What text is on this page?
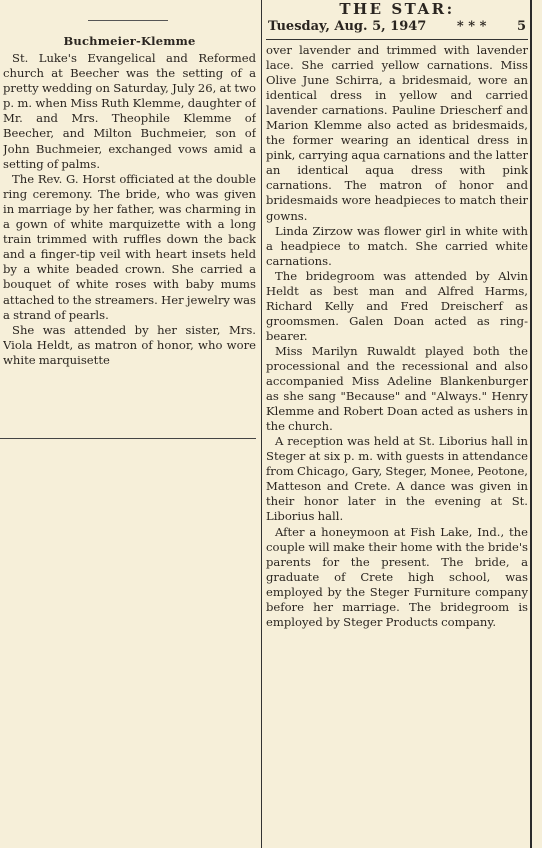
Buchmeier-Klemme

St. Luke's Evangelical and Reformed church at Beecher was the setting of a pretty wedding on Saturday, July 26, at two p. m. when Miss Ruth Klemme, daughter of Mr. and Mrs. Theophile Klemme of Beecher, and Milton Buchmeier, son of John Buchmeier, exchanged vows amid a setting of palms.

The Rev. G. Horst officiated at the double ring ceremony. The bride, who was given in marriage by her father, was charming in a gown of white marquizette with a long train trimmed with ruffles down the back and a finger-tip veil with heart insets held by a white beaded crown. She carried a bouquet of white roses with baby mums attached to the streamers. Her jewelry was a strand of pearls.

She was attended by her sister, Mrs. Viola Heldt, as matron of honor, who wore white marquisette

THE STAR:
Tuesday, Aug. 5, 1947 * * * 5

over lavender and trimmed with lavender lace. She carried yellow carnations. Miss Olive June Schirra, a bridesmaid, wore an identical dress in yellow and carried lavender carnations. Pauline Driescherf and Marion Klemme also acted as bridesmaids, the former wearing an identical dress in pink, carrying aqua carnations and the latter an identical aqua dress with pink carnations. The matron of honor and bridesmaids wore headpieces to match their gowns.

Linda Zirzow was flower girl in white with a headpiece to match. She carried white carnations.

The bridegroom was attended by Alvin Heldt as best man and Alfred Harms, Richard Kelly and Fred Dreischerf as groomsmen. Galen Doan acted as ring-bearer.

Miss Marilyn Ruwaldt played both the processional and the recessional and also accompanied Miss Adeline Blankenburger as she sang "Because" and "Always." Henry Klemme and Robert Doan acted as ushers in the church.

A reception was held at St. Liborius hall in Steger at six p. m. with guests in attendance from Chicago, Gary, Steger, Monee, Peotone, Matteson and Crete. A dance was given in their honor later in the evening at St. Liborius hall.

After a honeymoon at Fish Lake, Ind., the couple will make their home with the bride's parents for the present. The bride, a graduate of Crete high school, was employed by the Steger Furniture company before her marriage. The bridegroom is employed by Steger Products company.
